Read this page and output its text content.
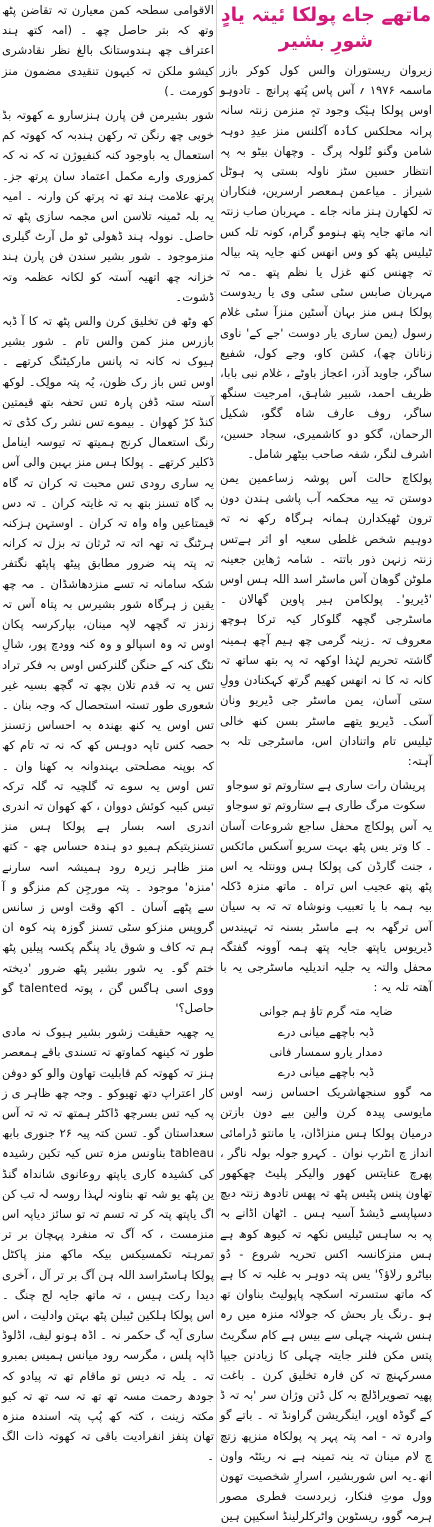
ماتھے جاے پولکا ئیتہ یادٍ شورِ بشیر

زیروان ریستوران والس کول کوکر بازر ماسمہ ۱۹۷۶ ؍ آس پاس پُتھ پرانچ ۔ تادوہو اوس پولکا ہیٔک وجود تہٕ منزمن زنتہ سانہ پرانہ محلکس کٲدہ آکلنس منز عیدِ دوہہ شامن وگنو تُلولہ پرگ ۔ وچھان بیٹو بہ پہ انتظار حسین سٹز ناولہ بستی پہ ہوٹل شیراز ۔ میاعمن ہمعصر ارسرین، فنکاران تہ لکھارن ہنز مانہ جاے ۔ مہربان صاب زنتہ انہ ماتھ جایہ پتھ ہنومو گرام، کونہ تلہ کس ٹیلیس پٹھ کو وس انھس کنھ جایہ پتہ بیالہ تہ چھنس کنھ غزل یا نظم پتھ ۔مہ تہ مہربان صابس سٹی سٹی وی یا ریدوست پولکا ہس منز بہان آسٹین منزآ سٹی غلام رسول (یمن ساری یار دوست 'جے کے' ناوی زنانان چھ)، کشن کاو، وجے کول، شفیع ساگر، جاوید آذر، اعجاز باوٹے ، غلام نبی بابا، ظریف احمد، شبیر شاہق، امرجیت سنگھ ساگر، روف عارف شاہ گگو، شکیل الرحمان، گکو دو کاشمیری، سجاد حسین، اشرف لنگر، شفہ صاحب بیٹھر شامل۔

پولکاچ حالت آس پوشہ زساعمین یمن دوستن تہ ییہ محکمہ آب پاشی ہندن دون ترون ٹھیکدارن ہمانہ ہرگاہ رکھ نہ تہ دوہیم شخص غلطی سعیہ او اثر ہےتس زنتہ زنہن ذور باتتہ ۔ شامہ ژھاین جعینہ ملوٹن گوھان آس ماسٹر اسد اللہ ہس اوس 'ڈیریو'۔ پولکامن ہیر پاوین گھالان ۔ ماسٹرجی گچھہ گلوکار کیہ ترکا ہوچھ معروف تہ ۔زینہ گرمی چھ ہیم آچھ ہمینہ گاشتہ تحریم لہٰذا اوکھہ تہ پہ بتھ ساتھ تہ کانہ تہ کا نہ انھس کھیم گرتھ کہکنادن وولِ ستی آسان، یمن ماسٹر جی ڈیریو ونان آسک۔ ڈیریو یتھے ماسٹر بسن کنھ خالی ٹیلیس تام واتنادان اس، ماسٹرجی تلہ بہ آہتہ:

پریشان رات ساری ہے ستاروتم تو سوجاو

سکوت مرگ طاری ہے ستاروتم تو سوجاو

یہ آس پولکاچ محفل ساجع شروعات آسان ۔ کا وتر یس پٹھ بہت سریو آسکس مائکس ، جنت گارڈن کی پولکا ہس وونتلہ یہ اس پٹھ پتھ عجیب اس تراہ ۔ ماتھ منزہ ڈکلہ بیہ ہمہ با یا تعبیب ونوشاہ تہ تہ بہ سیان آس ترگھہ بہ ہے ماسٹر بسنہ تہ تہیندس ڈیریوس یاپتھ جایہ پتھ ہمہ آوونہ گفتگہ محفل والتہ یہ جلیہ اندیلیہ ماسٹرجی یہ با آھتہ تلہ یہ :

ضایہ متہ گرم تاؤ ہم جوانی

ڈبہ باچھے میانی درے

دمدار یارو سمسار فانی

ڈبہ باچھے میانی درے

مہ گوو سنجھاشریک احساس زسہ اوس مایوسی پیدہ کرن والین بیے دون بازتن درمیان پولکا ہس منزاڈان، یا مانتو ڈرامائی انداز چ انٹرپ نوان ۔ کہرو جولہ بولہ ناگر ، پھرچ عنایتس کھور والیکر پلیٹ چھکھور تھاون پنس پٹیس پٹھ تہ پھس تادوھ زنتہ دبچ دسپاپسے ڈیشڈ آسیہ ہس ۔ اٹھان اڈانے بہ پہ بہ ساہس ٹیلیس نکھہ تہ کیوھ کوھ ہے ہس منزکانسہ اکس تحریہ شروع - دُو بیاٹرو رلاؤ؟' یس پتہ دوہر بہ غلبہ تہ کا ہے کہ ماتھ ستسرتہ اسکچہ پاپولیٹ بناوان تھ ہو ۔رنگ یار بحش کہ جولائہ منزہ میں رہ ہنس شہنہ چہلی سے بیس ہے کام سگریٹ پتس مکن فلنر جایتہ چہلی کا زیادنن جیپا مسرکہنچ تہ کن فارہ تخلیق کرن ۔ باغت پھیہ تصویراڈلچ بہ کل ڈتن وژان سر 'بہ تہ ڈ کے گوڈہ اوپر، اینگریشن گراونڈ تہ ۔ باتے گو وادرہ تہ - امہ پتہ پہر پہ پولکاہ منزپھ زتچ چ لام مینان تہ ینہ تمینہ ہے نہ ریئٹہ واون انھ۔یہ اس شوربشیر، اسرارِ شخصیت تھون وول موتِ فنکار، زبردست فطری مصور ہرمہ گوو، ریسٹوبن واٹرکلرلینڈ اسکیپن ہین

الاقوامی سطحہ کمن معیارن تہ تقاضن پٹھ وتھ کہ بتر حاصل چھ ۔ (امہ کتھ ہند اعتراف چھ ہندوستانک بالغ نظر نقادشری کیشو ملکن تہ کیہون تنقیدی مضمون منز کورمت ۔)

شور بشیرمن فن پارن ہنزسارو ے کھوتہ بڈ خوبی چھ رنگن تہ رکھن ہندبہ کہ کھوتہ کم استعمال یہ باوجود کنہ کنفیوژن تہ کہ نہ کہ کمزوری وارے مکمل اعتماد سان پرتھ جز۔ پرتھ علامت ہند تھ تہ پرتھ کن وارنہ ۔ امیہ یہ بلہ ٹمینہ تلاسن اس مجمہ سازی پٹھ تہ حاصل۔ نوولہ ہند ڈھولی ٹو مل آرٹ گیلری منزموجود ۔ شور بشیر سندن فن پارن ہند خزانہ چھ اتھیہ آستہ کو لکانہ عظمہ وتہ ڈشوت۔

کھ وٹھ فن تخلیق کرن والس پٹھ تہ کا آ ڈبہ بازرس منز کمن والس تام ۔ شور بشیر ہیوک نہ کانہ تہ پانس مارکیٹنگ کرتھے ۔ اوس تس باز رک ظون، یُہ پتہ مولِک۔ لوکھ آستہ ستہ ڈفن پارہ تس تحفہ بتھ قیمتین کنڈ کڑ کھوان ۔ بیموے تس نشر رک کڈی تہ رنگ استعمال کرنج ہمیتھ تہ تیوسہ اینامل ڈکلیر کرتھے ۔ پولکا ہس منز بہبن والی آس یہ ساری رودی تس محبت تہ کران تہ گاہ بہ گاہ تسنز بتھ بہ تہ غایتہ کران ۔ تہ دس قیمتاعیں واہ واہ تہ کران ۔ اوستہن ہزکنہ ہرٹنگ تہ تھہ اتہ تہ ٹرثان تہ بزل تہ کرانہ تہ پتہ پنہ ضرور مطابق پیٹھ پاپٹھ نگتفر شکہ سامانہ تہ تسے منزدھاشڈان ۔ مہ چھ یقین ز ہرگاہ شور بشیرس بہ پتاہ آس تہ زندز تہ گچھہ لاپہ مینان، بپارکرسہ پکان اوس تہ وہ اسپالو و وہ کنہ وودچ پور، شالِ نٹگ کنہ کے حنگن گلنرکس اوس بہ فکر تراد تس یہ تہ قدم تلان بچھ تہ گچھ بسیہ غیر شعوری طور تستہ استحصال کہ وجہ بنان ۔ تس اوس یہ کنھ بھندہ بہ احساس زتسنز حصہ کس تاپہ دوہس کھ کہ نہ تہ تام کھ کہ بوپنہ مصلحتی بہندوانہ بہ کھنا وان ۔ تس اوس یہ سوے تہ گلچیہ تہ گلہ ترکہ تیس کبیہ کوئش دووان ، کھ کھوان تہ اندری اندری اسہ بسار ہے پولکا ہس منز تسنزیتیکم ہمیو دو ہندہ حساس چھ - کتھ منز ظاہر زیرہ رود ہمیشہ اسہ سارنے 'منزہ' موجود ۔ پتہ مورجِن کم منزگو و آ سے پٹھے آسان ۔ اکھ وقت اوس ز سانس گروپس منزکو سٹی تسنز گوزہ پنہ کوہ ان ہم تہ کاف و شوق یاد پنگم پکسہ پیلیں پٹھ ختم گو۔ یہ شور بشیر پٹھ ضرور 'دیختہ ووی اسی ہاگس گن ، پوتہ talented گو حاصل؟'

یہ چھیہ حقیقت زشور بشیر ہیوک نہ مادی طور تہ کینھہ کماوتھ تہ تسندی باقے ہمعصر ہنز تہ کھوتہ کم قابلیت تھاون والو کو دوفن کار اعتراپ دتھ تھیوکو ۔ وجہ چھ ظاہر ی ز پہ کیہ تس بسرچھ ڈاکٹر ہمتھ تہ تہ تہ آس سعداستان گو۔ تسن کتہ پیہ ۲۶ جنوری بابھ tableau بناونس مزہ تس کیہ تکین رشیدہ کی کشیدہ کاری یاپتھ روعانوی شانداہ گنڈ ین پٹھ یو شہ تھ بناونہ لہذا روسہ لہ تب کن اگ یاپتھ پتہ کر تہ تسم تہ تو سائز دیاپہ اس منزمست ، کہ آگ تہ منفرد پہچان بر تر تمرہتہ تکمسیکس بیکہ ماکھ منز پاکٹل پولکا ہاسٹراسد اللہ ہن آگ بر تر آل ، آخری دیدا رکت ہیس ، تہ ماتھ جایہ لج چنگ ۔ اس پولکا ہلکین ٹیبلن پٹھ بہتن وادلیت ، اس ساری آیہ گ حکمر نہ ۔ اڈہ ہونو لیف، اڈلوڈ ڈاپہ پلس ، مگرسہ رود میانس ہمیس بمبرو تہ ۔ یلہ تہ دیس تو ماقام تھ تہ پیادو کہ جودھ رحمت مسہ تھ تھ تہ سہ تھ تہ کیو مکتہ زینت ، کتہ کھ پُپ پتہ اسندہ منزہ تھان پنفز انفرادیت باقی تہ کھوتہ ذات الگ ۔
